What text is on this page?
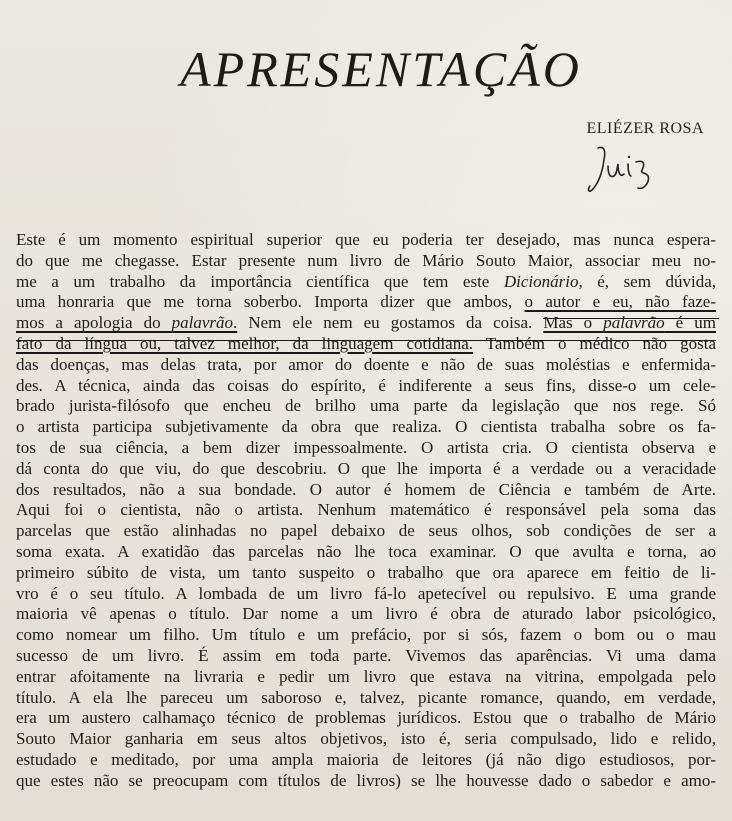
APRESENTAÇÃO
ELIÉZER ROSA
Este é um momento espiritual superior que eu poderia ter desejado, mas nunca espera-
do que me chegasse. Estar presente num livro de Mário Souto Maior, associar meu no-
me a um trabalho da importância científica que tem este Dicionário, é, sem dúvida,
uma honraria que me torna soberbo. Importa dizer que ambos, o autor e eu, não faze-
mos a apologia do palavrão. Nem ele nem eu gostamos da coisa. Mas o palavrão é um
fato da língua ou, talvez melhor, da linguagem cotidiana. Também o médico não gosta
das doenças, mas delas trata, por amor do doente e não de suas moléstias e enfermida-
des. A técnica, ainda das coisas do espírito, é indiferente a seus fins, disse-o um cele-
brado jurista-filósofo que encheu de brilho uma parte da legislação que nos rege. Só
o artista participa subjetivamente da obra que realiza. O cientista trabalha sobre os fa-
tos de sua ciência, a bem dizer impessoalmente. O artista cria. O cientista observa e
dá conta do que viu, do que descobriu. O que lhe importa é a verdade ou a veracidade
dos resultados, não a sua bondade. O autor é homem de Ciência e também de Arte.
Aqui foi o cientista, não o artista. Nenhum matemático é responsável pela soma das
parcelas que estão alinhadas no papel debaixo de seus olhos, sob condições de ser a
soma exata. A exatidão das parcelas não lhe toca examinar. O que avulta e torna, ao
primeiro súbito de vista, um tanto suspeito o trabalho que ora aparece em feitio de li-
vro é o seu título. A lombada de um livro fá-lo apetecível ou repulsivo. E uma grande
maioria vê apenas o título. Dar nome a um livro é obra de aturado labor psicológico,
como nomear um filho. Um título e um prefácio, por si sós, fazem o bom ou o mau
sucesso de um livro. É assim em toda parte. Vivemos das aparências. Vi uma dama
entrar afoitamente na livraria e pedir um livro que estava na vitrina, empolgada pelo
título. A ela lhe pareceu um saboroso e, talvez, picante romance, quando, em verdade,
era um austero calhamaço técnico de problemas jurídicos. Estou que o trabalho de Mário
Souto Maior ganharia em seus altos objetivos, isto é, seria compulsado, lido e relido,
estudado e meditado, por uma ampla maioria de leitores (já não digo estudiosos, por-
que estes não se preocupam com títulos de livros) se lhe houvesse dado o sabedor e amo-
